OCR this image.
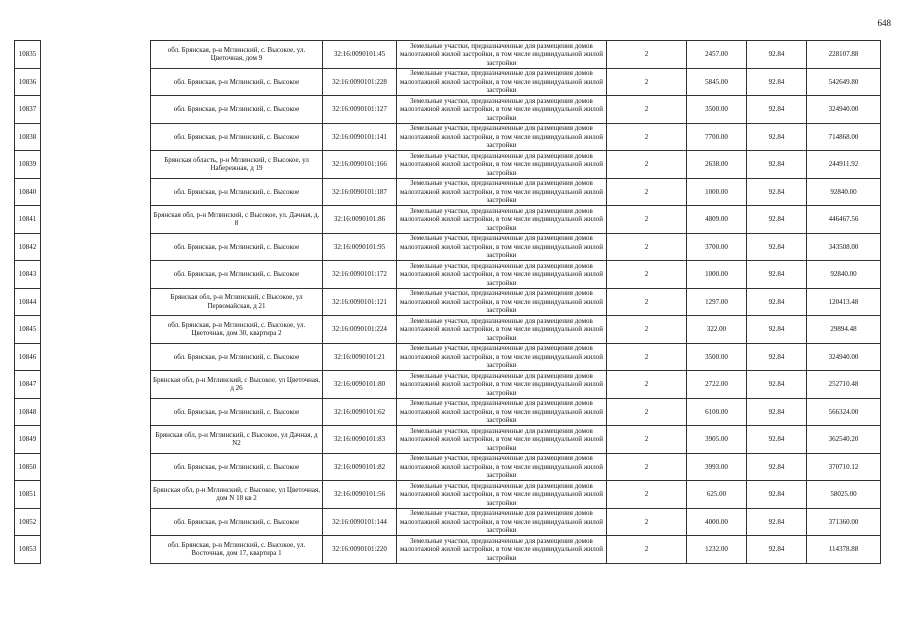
648
10835		обл. Брянская, р-н Мглинский, с. Высокое, ул. Цветочная, дом 9	32:16:0090101:45	Земельные участки, предназначенные для размещения домов малоэтажной жилой застройки, в том числе индивидуальной жилой застройки	2	2457.00	92.84	228107.88
10836		обл. Брянская, р-н Мглинский, с. Высокое	32:16:0090101:228	Земельные участки, предназначенные для размещения домов малоэтажной жилой застройки, в том числе индивидуальной жилой застройки	2	5845.00	92.84	542649.80
10837		обл. Брянская, р-н Мглинский, с. Высокое	32:16:0090101:127	Земельные участки, предназначенные для размещения домов малоэтажной жилой застройки, в том числе индивидуальной жилой застройки	2	3500.00	92.84	324940.00
10838		обл. Брянская, р-н Мглинский, с. Высокое	32:16:0090101:141	Земельные участки, предназначенные для размещения домов малоэтажной жилой застройки, в том числе индивидуальной жилой застройки	2	7700.00	92.84	714868.00
10839		Брянская область, р-н Мглинский, с Высокое, ул Набережная, д 19	32:16:0090101:166	Земельные участки, предназначенные для размещения домов малоэтажной жилой застройки, в том числе индивидуальной жилой застройки	2	2638.00	92.84	244911.92
10840		обл. Брянская, р-н Мглинский, с. Высокое	32:16:0090101:187	Земельные участки, предназначенные для размещения домов малоэтажной жилой застройки, в том числе индивидуальной жилой застройки	2	1000.00	92.84	92840.00
10841		Брянская обл, р-н Мглинский, с Высокое, ул. Дачная, д. 8	32:16:0090101:86	Земельные участки, предназначенные для размещения домов малоэтажной жилой застройки, в том числе индивидуальной жилой застройки	2	4809.00	92.84	446467.56
10842		обл. Брянская, р-н Мглинский, с. Высокое	32:16:0090101:95	Земельные участки, предназначенные для размещения домов малоэтажной жилой застройки, в том числе индивидуальной жилой застройки	2	3700.00	92.84	343508.00
10843		обл. Брянская, р-н Мглинский, с. Высокое	32:16:0090101:172	Земельные участки, предназначенные для размещения домов малоэтажной жилой застройки, в том числе индивидуальной жилой застройки	2	1000.00	92.84	92840.00
10844		Брянская обл, р-н Мглинский, с Высокое, ул Первомайская, д 21	32:16:0090101:121	Земельные участки, предназначенные для размещения домов малоэтажной жилой застройки, в том числе индивидуальной жилой застройки	2	1297.00	92.84	120413.48
10845		обл. Брянская, р-н Мглинский, с. Высокое, ул. Цветочная, дом 30, квартира 2	32:16:0090101:224	Земельные участки, предназначенные для размещения домов малоэтажной жилой застройки, в том числе индивидуальной жилой застройки	2	322.00	92.84	29894.48
10846		обл. Брянская, р-н Мглинский, с. Высокое	32:16:0090101:21	Земельные участки, предназначенные для размещения домов малоэтажной жилой застройки, в том числе индивидуальной жилой застройки	2	3500.00	92.84	324940.00
10847		Брянская обл, р-н Мглинский, с Высокое, ул Цветочная, д 26	32:16:0090101:80	Земельные участки, предназначенные для размещения домов малоэтажной жилой застройки, в том числе индивидуальной жилой застройки	2	2722.00	92.84	252710.48
10848		обл. Брянская, р-н Мглинский, с. Высокое	32:16:0090101:62	Земельные участки, предназначенные для размещения домов малоэтажной жилой застройки, в том числе индивидуальной жилой застройки	2	6100.00	92.84	566324.00
10849		Брянская обл, р-н Мглинский, с Высокое, ул Дачная, д N2	32:16:0090101:83	Земельные участки, предназначенные для размещения домов малоэтажной жилой застройки, в том числе индивидуальной жилой застройки	2	3905.00	92.84	362540.20
10850		обл. Брянская, р-н Мглинский, с. Высокое	32:16:0090101:82	Земельные участки, предназначенные для размещения домов малоэтажной жилой застройки, в том числе индивидуальной жилой застройки	2	3993.00	92.84	370710.12
10851		Брянская обл, р-н Мглинский, с Высокое, ул Цветочная, дом N 18 кв 2	32:16:0090101:56	Земельные участки, предназначенные для размещения домов малоэтажной жилой застройки, в том числе индивидуальной жилой застройки	2	625.00	92.84	58025.00
10852		обл. Брянская, р-н Мглинский, с. Высокое	32:16:0090101:144	Земельные участки, предназначенные для размещения домов малоэтажной жилой застройки, в том числе индивидуальной жилой застройки	2	4000.00	92.84	371360.00
10853		обл. Брянская, р-н Мглинский, с. Высокое, ул. Восточная, дом 17, квартира 1	32:16:0090101:220	Земельные участки, предназначенные для размещения домов малоэтажной жилой застройки, в том числе индивидуальной жилой застройки	2	1232.00	92.84	114378.88
